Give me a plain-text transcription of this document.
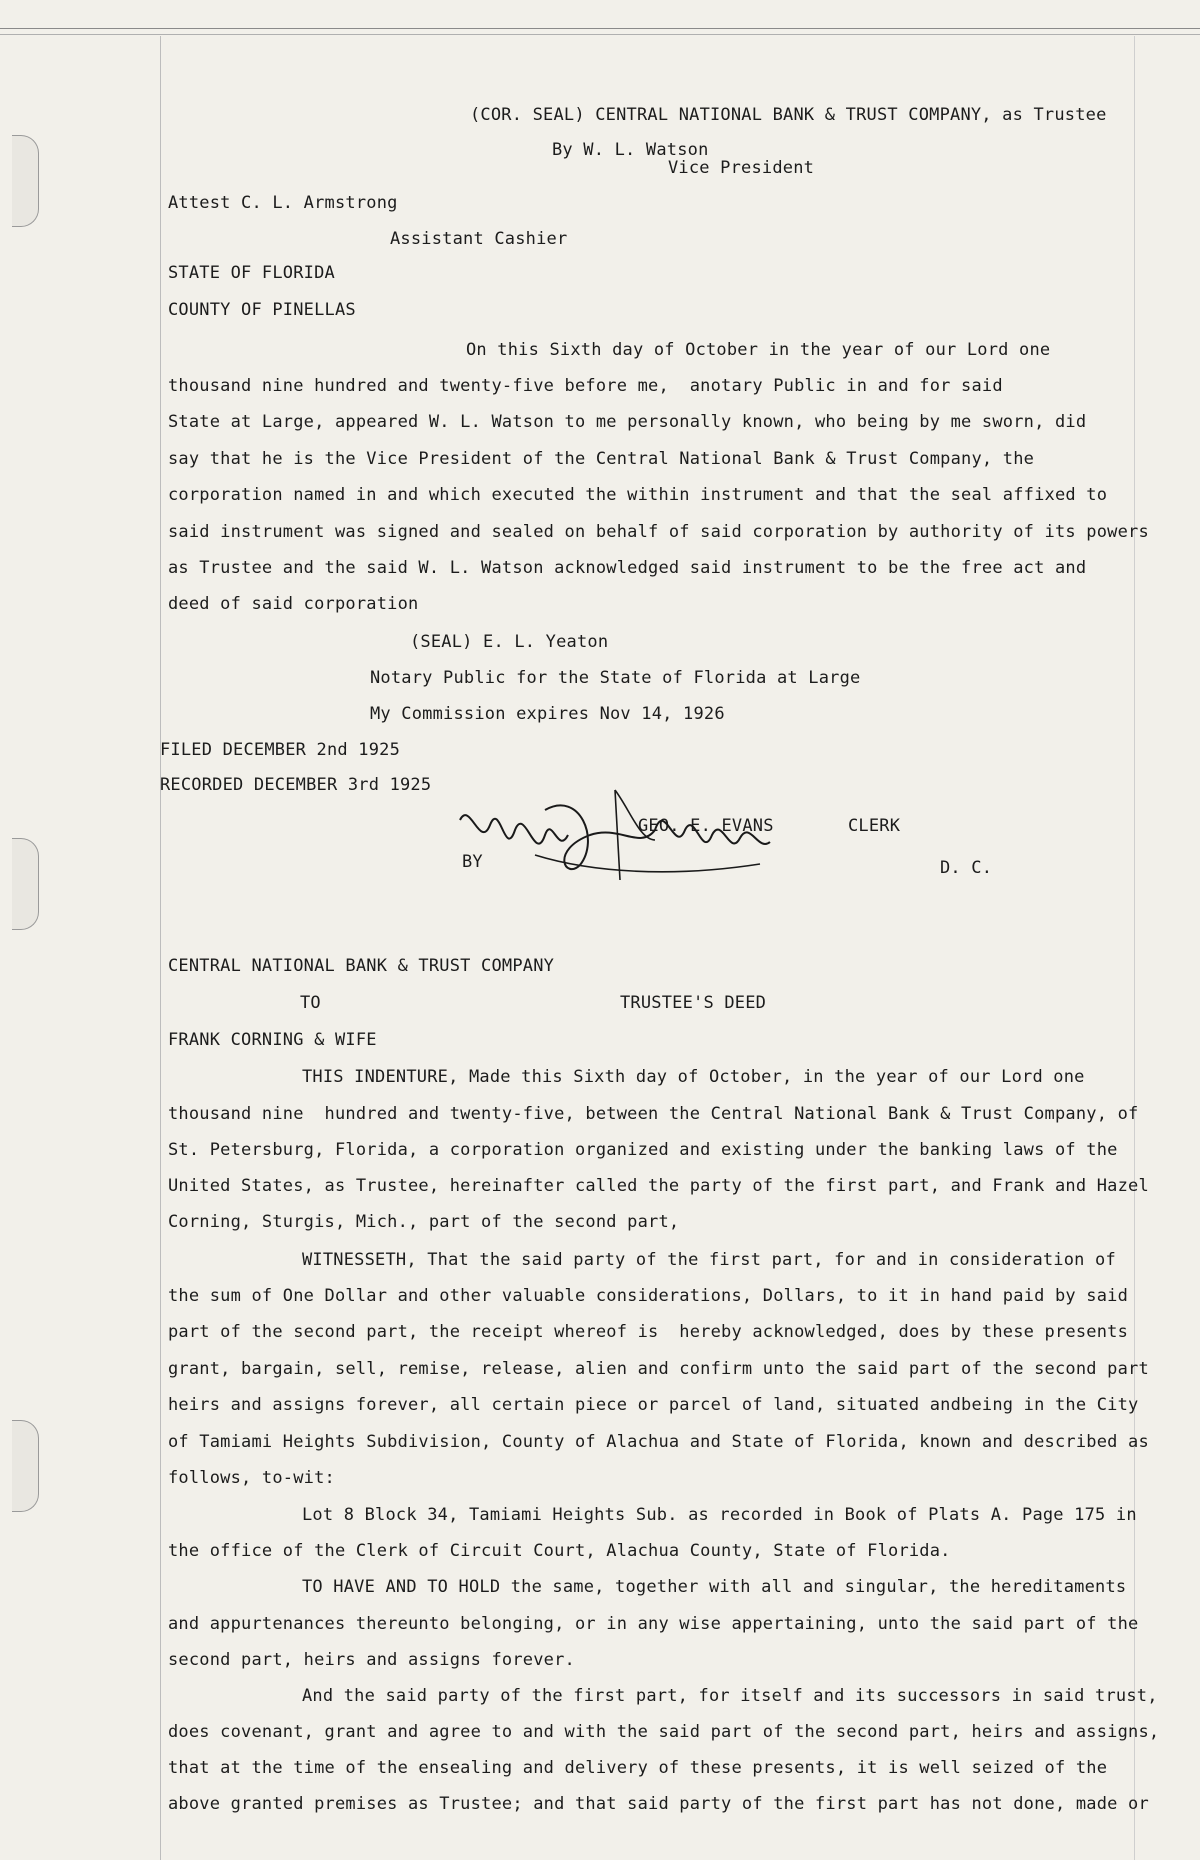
(COR. SEAL) CENTRAL NATIONAL BANK & TRUST COMPANY, as Trustee
By W. L. Watson
Vice President
Attest C. L. Armstrong
Assistant Cashier
STATE OF FLORIDA
COUNTY OF PINELLAS
On this Sixth day of October in the year of our Lord one
thousand nine hundred and twenty-five before me,  anotary Public in and for said
State at Large, appeared W. L. Watson to me personally known, who being by me sworn, did
say that he is the Vice President of the Central National Bank & Trust Company, the
corporation named in and which executed the within instrument and that the seal affixed to
said instrument was signed and sealed on behalf of said corporation by authority of its powers
as Trustee and the said W. L. Watson acknowledged said instrument to be the free act and
deed of said corporation
(SEAL) E. L. Yeaton
Notary Public for the State of Florida at Large
My Commission expires Nov 14, 1926
FILED DECEMBER 2nd 1925
RECORDED DECEMBER 3rd 1925
GEO. E. EVANS	CLERK
BY	D. C.
CENTRAL NATIONAL BANK & TRUST COMPANY
TO	TRUSTEE'S DEED
FRANK CORNING & WIFE
THIS INDENTURE, Made this Sixth day of October, in the year of our Lord one
thousand nine  hundred and twenty-five, between the Central National Bank & Trust Company, of
St. Petersburg, Florida, a corporation organized and existing under the banking laws of the
United States, as Trustee, hereinafter called the party of the first part, and Frank and Hazel
Corning, Sturgis, Mich., part of the second part,
WITNESSETH, That the said party of the first part, for and in consideration of
the sum of One Dollar and other valuable considerations, Dollars, to it in hand paid by said
part of the second part, the receipt whereof is  hereby acknowledged, does by these presents
grant, bargain, sell, remise, release, alien and confirm unto the said part of the second part
heirs and assigns forever, all certain piece or parcel of land, situated andbeing in the City
of Tamiami Heights Subdivision, County of Alachua and State of Florida, known and described as
follows, to-wit:
Lot 8 Block 34, Tamiami Heights Sub. as recorded in Book of Plats A. Page 175 in
the office of the Clerk of Circuit Court, Alachua County, State of Florida.
TO HAVE AND TO HOLD the same, together with all and singular, the hereditaments
and appurtenances thereunto belonging, or in any wise appertaining, unto the said part of the
second part, heirs and assigns forever.
And the said party of the first part, for itself and its successors in said trust,
does covenant, grant and agree to and with the said part of the second part, heirs and assigns,
that at the time of the ensealing and delivery of these presents, it is well seized of the
above granted premises as Trustee; and that said party of the first part has not done, made or
